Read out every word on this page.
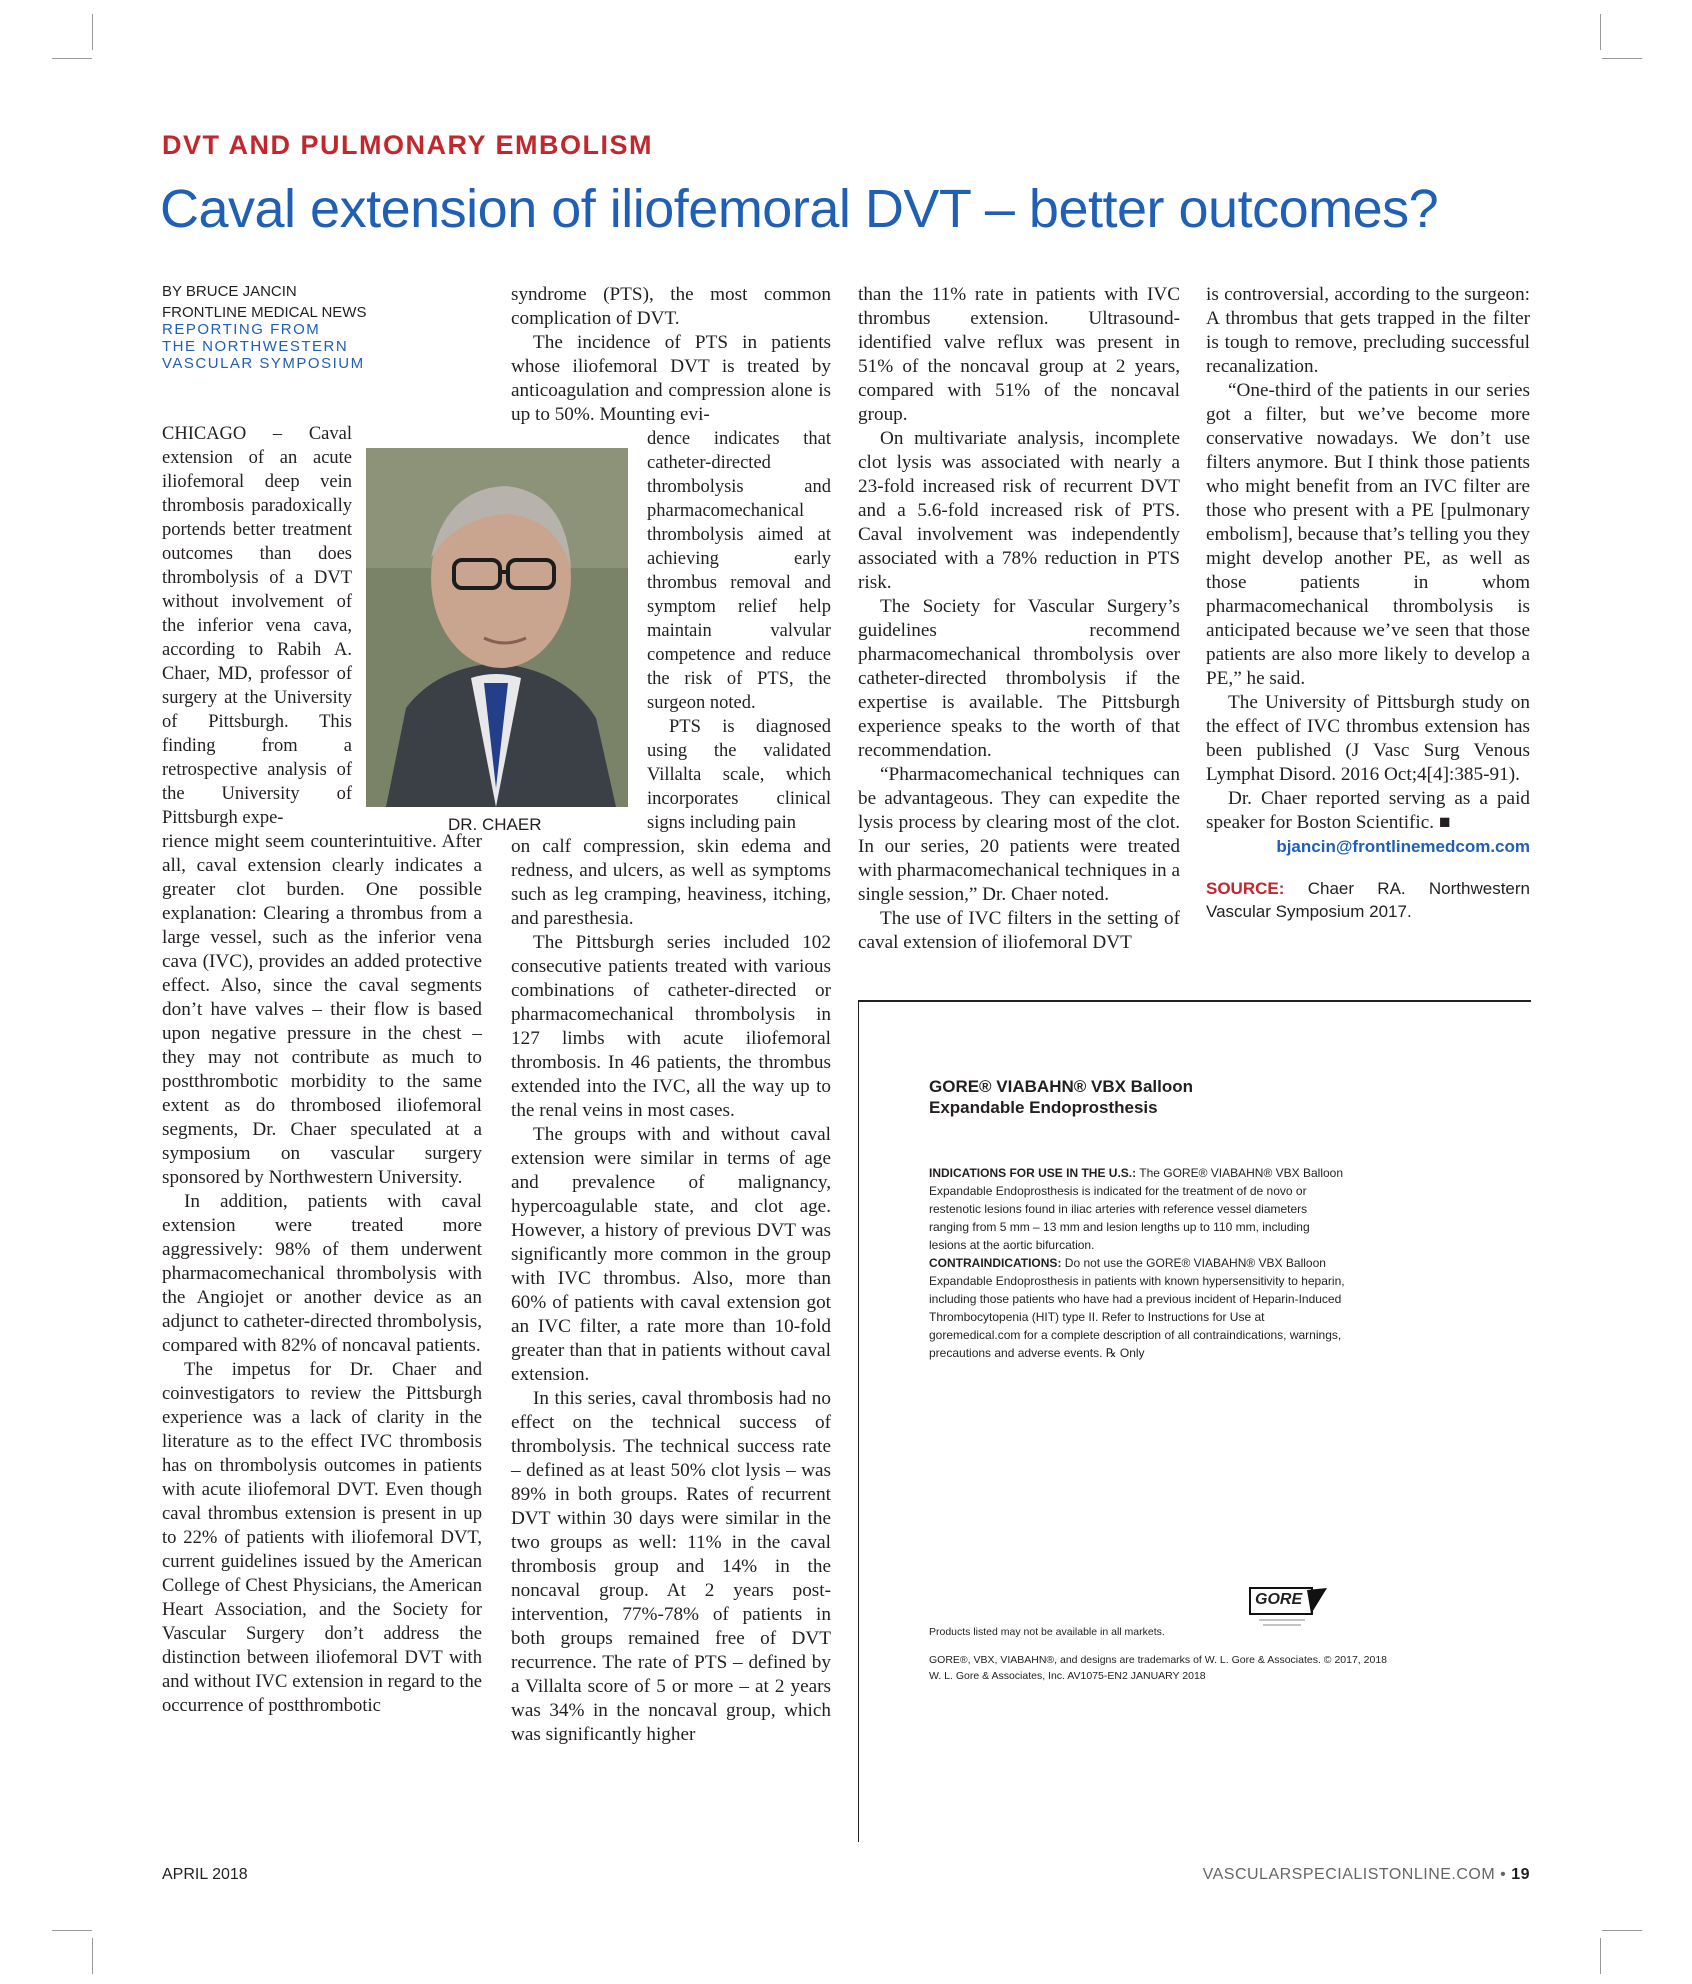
DVT AND PULMONARY EMBOLISM
Caval extension of iliofemoral DVT – better outcomes?
BY BRUCE JANCIN
FRONTLINE MEDICAL NEWS
REPORTING FROM
THE NORTHWESTERN
VASCULAR SYMPOSIUM

CHICAGO – Caval extension of an acute iliofemoral deep vein thrombosis paradoxically portends better treatment outcomes than does thrombolysis of a DVT without involvement of the inferior vena cava, according to Rabih A. Chaer, MD, professor of surgery at the University of Pittsburgh. This finding from a retrospective analysis of the University of Pittsburgh expe-

rience might seem counterintuitive. After all, caval extension clearly indicates a greater clot burden. One possible explanation: Clearing a thrombus from a large vessel, such as the inferior vena cava (IVC), provides an added protective effect. Also, since the caval segments don’t have valves – their flow is based upon negative pressure in the chest – they may not contribute as much to postthrombotic morbidity to the same extent as do thrombosed iliofemoral segments, Dr. Chaer speculated at a symposium on vascular surgery sponsored by Northwestern University.

In addition, patients with caval extension were treated more aggressively: 98% of them underwent pharmacomechanical thrombolysis with the Angiojet or another device as an adjunct to catheter-directed thrombolysis, compared with 82% of noncaval patients.

The impetus for Dr. Chaer and coinvestigators to review the Pittsburgh experience was a lack of clarity in the literature as to the effect IVC thrombosis has on thrombolysis outcomes in patients with acute iliofemoral DVT. Even though caval thrombus extension is present in up to 22% of patients with iliofemoral DVT, current guidelines issued by the American College of Chest Physicians, the American Heart Association, and the Society for Vascular Surgery don’t address the distinction between iliofemoral DVT with and without IVC extension in regard to the occurrence of postthrombotic

DR. CHAER

syndrome (PTS), the most common complication of DVT.

The incidence of PTS in patients whose iliofemoral DVT is treated by anticoagulation and compression alone is up to 50%. Mounting evi-

dence indicates that catheter-directed thrombolysis and pharmacomechanical thrombolysis aimed at achieving early thrombus removal and symptom relief help maintain valvular competence and reduce the risk of PTS, the surgeon noted.

PTS is diagnosed using the validated Villalta scale, which incorporates clinical signs including pain

on calf compression, skin edema and redness, and ulcers, as well as symptoms such as leg cramping, heaviness, itching, and paresthesia.

The Pittsburgh series included 102 consecutive patients treated with various combinations of catheter-directed or pharmacomechanical thrombolysis in 127 limbs with acute iliofemoral thrombosis. In 46 patients, the thrombus extended into the IVC, all the way up to the renal veins in most cases.

The groups with and without caval extension were similar in terms of age and prevalence of malignancy, hypercoagulable state, and clot age. However, a history of previous DVT was significantly more common in the group with IVC thrombus. Also, more than 60% of patients with caval extension got an IVC filter, a rate more than 10-fold greater than that in patients without caval extension.

In this series, caval thrombosis had no effect on the technical success of thrombolysis. The technical success rate – defined as at least 50% clot lysis – was 89% in both groups. Rates of recurrent DVT within 30 days were similar in the two groups as well: 11% in the caval thrombosis group and 14% in the noncaval group. At 2 years post-intervention, 77%-78% of patients in both groups remained free of DVT recurrence. The rate of PTS – defined by a Villalta score of 5 or more – at 2 years was 34% in the noncaval group, which was significantly higher

than the 11% rate in patients with IVC thrombus extension. Ultrasound-identified valve reflux was present in 51% of the noncaval group at 2 years, compared with 51% of the noncaval group.

On multivariate analysis, incomplete clot lysis was associated with nearly a 23-fold increased risk of recurrent DVT and a 5.6-fold increased risk of PTS. Caval involvement was independently associated with a 78% reduction in PTS risk.

The Society for Vascular Surgery’s guidelines recommend pharmacomechanical thrombolysis over catheter-directed thrombolysis if the expertise is available. The Pittsburgh experience speaks to the worth of that recommendation.

“Pharmacomechanical techniques can be advantageous. They can expedite the lysis process by clearing most of the clot. In our series, 20 patients were treated with pharmacomechanical techniques in a single session,” Dr. Chaer noted.

The use of IVC filters in the setting of caval extension of iliofemoral DVT

is controversial, according to the surgeon: A thrombus that gets trapped in the filter is tough to remove, precluding successful recanalization.

“One-third of the patients in our series got a filter, but we’ve become more conservative nowadays. We don’t use filters anymore. But I think those patients who might benefit from an IVC filter are those who present with a PE [pulmonary embolism], because that’s telling you they might develop another PE, as well as those patients in whom pharmacomechanical thrombolysis is anticipated because we’ve seen that those patients are also more likely to develop a PE,” he said.

The University of Pittsburgh study on the effect of IVC thrombus extension has been published (J Vasc Surg Venous Lymphat Disord. 2016 Oct;4[4]:385-91).

Dr. Chaer reported serving as a paid speaker for Boston Scientific. ■

bjancin@frontlinemedcom.com
SOURCE: Chaer RA. Northwestern Vascular Symposium 2017.
GORE® VIABAHN® VBX Balloon Expandable Endoprosthesis
INDICATIONS FOR USE IN THE U.S.: The GORE® VIABAHN® VBX Balloon Expandable Endoprosthesis is indicated for the treatment of de novo or restenotic lesions found in iliac arteries with reference vessel diameters ranging from 5 mm – 13 mm and lesion lengths up to 110 mm, including lesions at the aortic bifurcation.
CONTRAINDICATIONS: Do not use the GORE® VIABAHN® VBX Balloon Expandable Endoprosthesis in patients with known hypersensitivity to heparin, including those patients who have had a previous incident of Heparin-Induced Thrombocytopenia (HIT) type II. Refer to Instructions for Use at goremedical.com for a complete description of all contraindications, warnings, precautions and adverse events. ℞ Only
GORE
Products listed may not be available in all markets.
GORE®, VBX, VIABAHN®, and designs are trademarks of W. L. Gore & Associates. © 2017, 2018 W. L. Gore & Associates, Inc. AV1075-EN2 JANUARY 2018
APRIL 2018	VASCULARSPECIALISTONLINE.COM • 19
